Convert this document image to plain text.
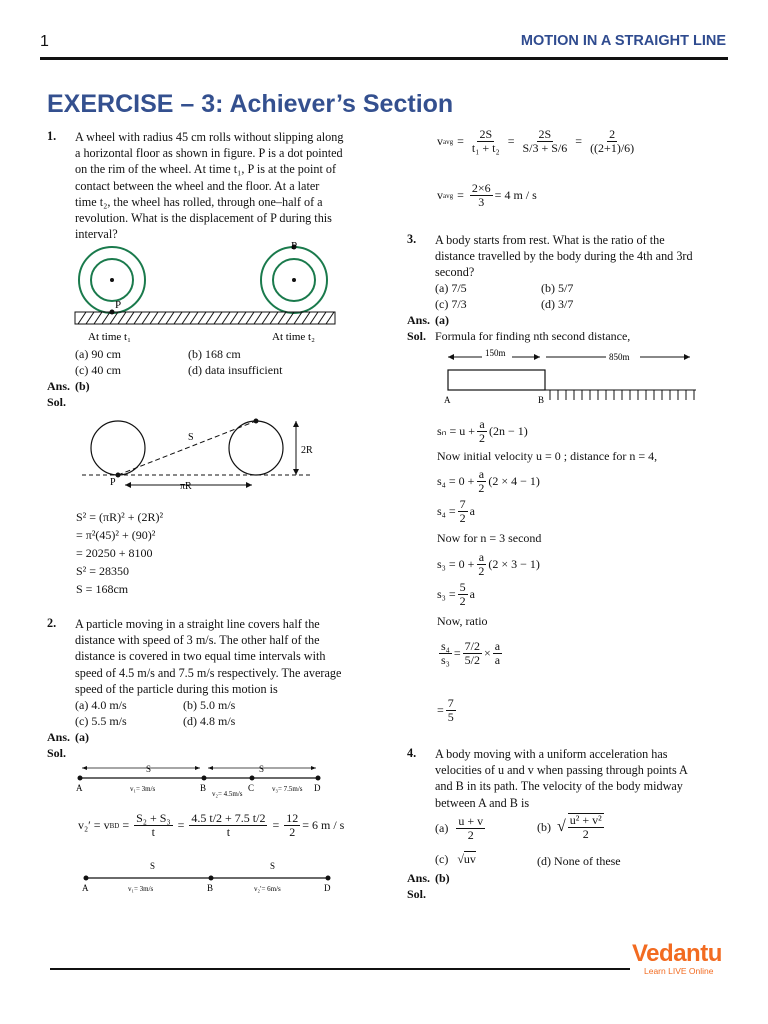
1	MOTION IN A STRAIGHT LINE
EXERCISE – 3: Achiever’s Section
1. A wheel with radius 45 cm rolls without slipping along
a horizontal floor as shown in figure. P is a dot pointed
on the rim of the wheel. At time t₁, P is at the point of
contact between the wheel and the floor. At a later
time t₂, the wheel has rolled, through one–half of a
revolution. What is the displacement of P during this
interval?
P
P
At time t₁	At time t₂
(a) 90 cm	(b) 168 cm
(c) 40 cm	(d) data insufficient
Ans. (b)
Sol.
S
2R
πR
P
S² = (πR)² + (2R)²
= π²(45)² + (90)²
= 20250 + 8100
S² = 28350
S = 168cm
2. A particle moving in a straight line covers half the
distance with speed of 3 m/s. The other half of the
distance is covered in two equal time intervals with
speed of 4.5 m/s and 7.5 m/s respectively. The average
speed of the particle during this motion is
(a) 4.0 m/s	(b) 5.0 m/s
(c) 5.5 m/s	(d) 4.8 m/s
Ans. (a)
Sol.
S	S
A	B	C	D
v₁= 3m/s
v₂= 4.5m/s
v₃= 7.5m/s
v₂′ = v BD = $\frac{\text{S₂ + S₃}}{t} = \frac{4.5 t/2 + 7.5 t/2}{t} = \frac{12}{2} = 6$ m / s
S	S
A	B	D
v₁= 3m/s	v₂′= 6m/s
v avg = $\frac{2S}{\text{t₁ + t₂}} = \frac{2S}{S/3 + S/6} = \frac{2}{((2+1)/6)}$
v avg = $\frac{2\times 6}{3} = 4$ m / s
3. A body starts from rest. What is the ratio of the
distance travelled by the body during the 4th and 3rd
second?
(a) 7/5	(b) 5/7
(c) 7/3	(d) 3/7
Ans. (a)
Sol. Formula for finding nth second distance,
150m	850m
A	B
$s_n = u + \frac{a}{2} (2n - 1)$
Now initial velocity u = 0 ; distance for n = 4,
$s_4 = 0 + \frac{a}{2} (2 \times 4 - 1)$
$s_4 = \frac{7}{2}$ a
Now for n = 3 second
$s_3 = 0 + \frac{a}{2} (2 \times 3 - 1)$
$s_3 = \frac{5}{2}$ a
Now, ratio
$\frac{\text{s₄}}{\text{s₃}} = \frac{7/2}{5/2} \times \frac{a}{a}$
= $\frac{7}{5}$
4. A body moving with a uniform acceleration has
velocities of u and v when passing through points A
and B in its path. The velocity of the body midway
between A and B is
$(a) \frac{u + v}{2}$	(b) √ $\frac{\text{u² + v²}}{2}$
(c) √uv	(d) None of these
Ans. (b)
Sol.
Vedantu
Learn LIVE Online
